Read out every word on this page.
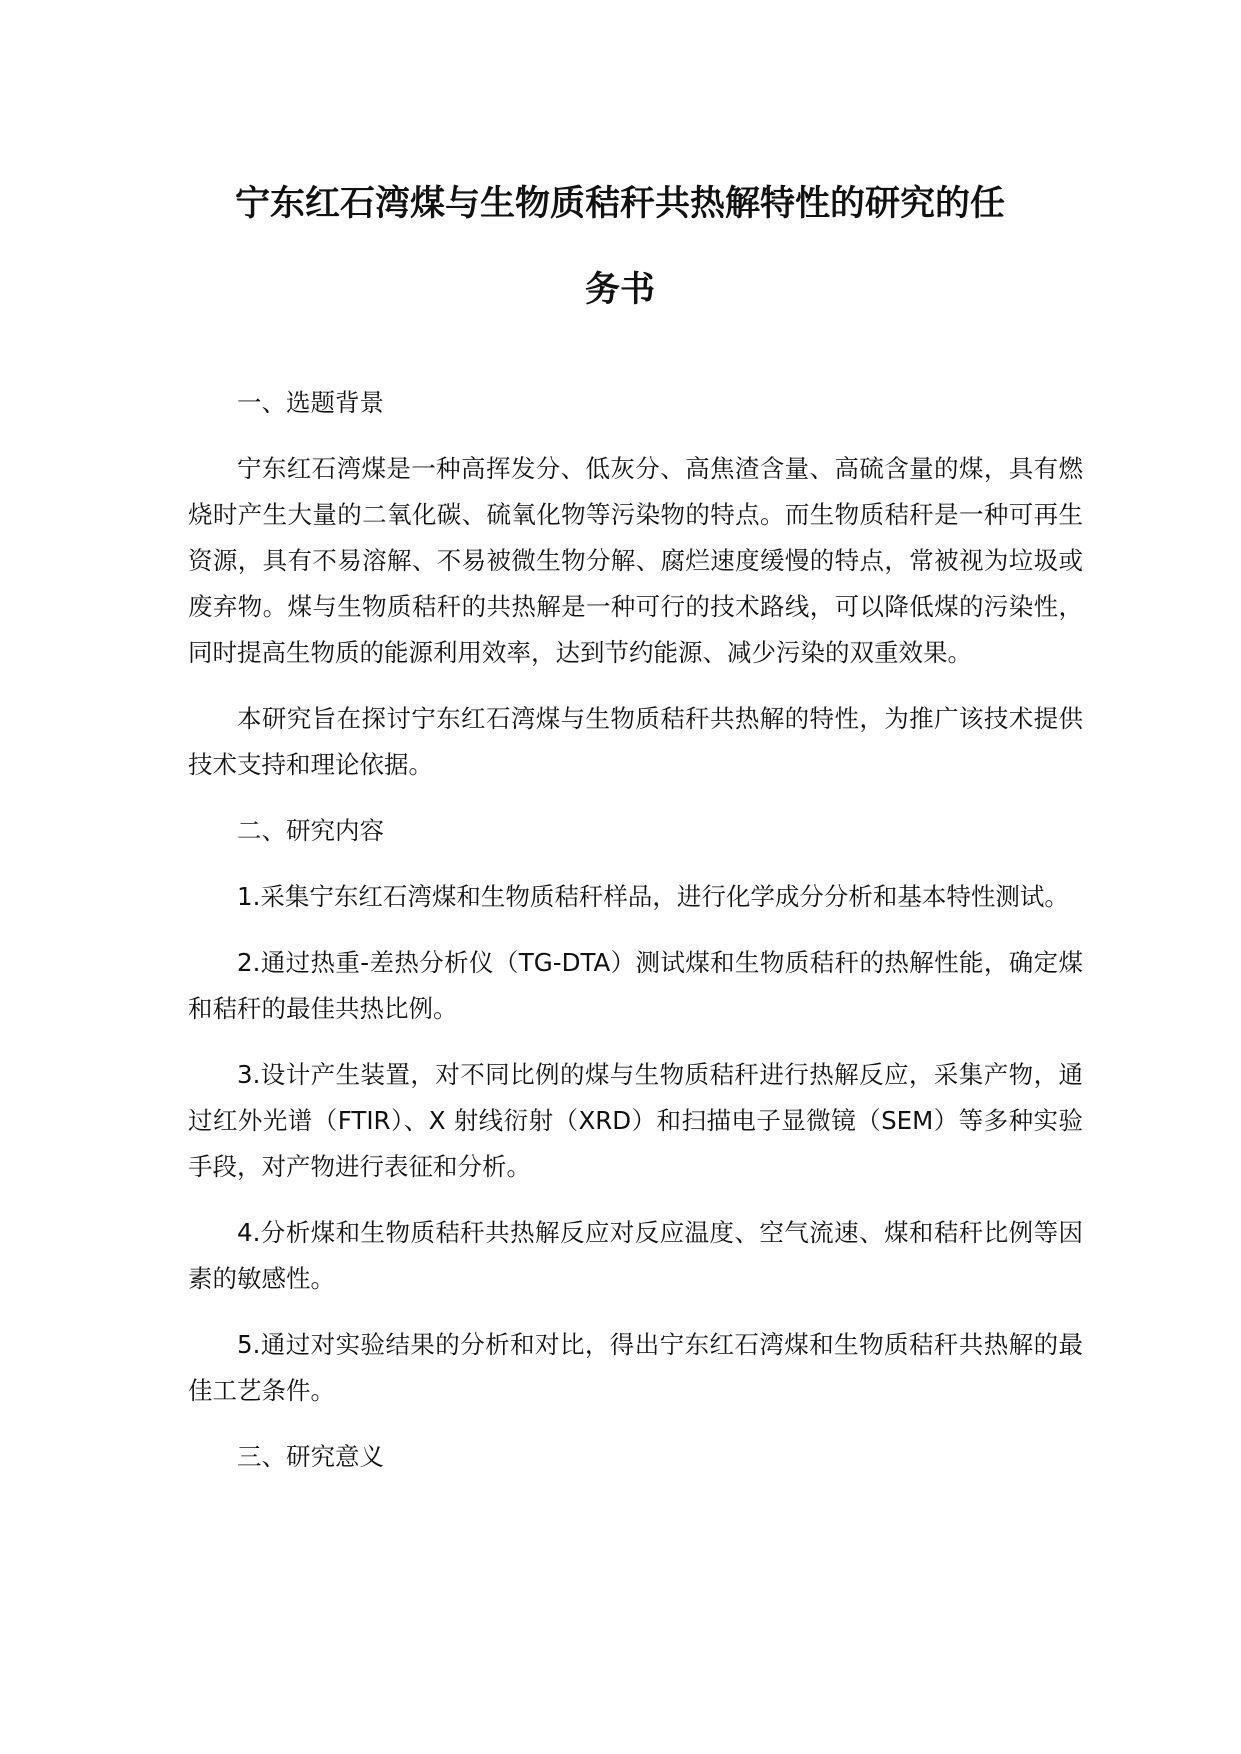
宁东红石湾煤与生物质秸秆共热解特性的研究的任
务书

一、选题背景

宁东红石湾煤是一种高挥发分、低灰分、高焦渣含量、高硫含量的煤，具有燃烧时产生大量的二氧化碳、硫氧化物等污染物的特点。而生物质秸秆是一种可再生资源，具有不易溶解、不易被微生物分解、腐烂速度缓慢的特点，常被视为垃圾或废弃物。煤与生物质秸秆的共热解是一种可行的技术路线，可以降低煤的污染性，同时提高生物质的能源利用效率，达到节约能源、减少污染的双重效果。

本研究旨在探讨宁东红石湾煤与生物质秸秆共热解的特性，为推广该技术提供技术支持和理论依据。

二、研究内容

1.采集宁东红石湾煤和生物质秸秆样品，进行化学成分分析和基本特性测试。

2.通过热重-差热分析仪（TG-DTA）测试煤和生物质秸秆的热解性能，确定煤和秸秆的最佳共热比例。

3.设计产生装置，对不同比例的煤与生物质秸秆进行热解反应，采集产物，通过红外光谱（FTIR）、X 射线衍射（XRD）和扫描电子显微镜（SEM）等多种实验手段，对产物进行表征和分析。

4.分析煤和生物质秸秆共热解反应对反应温度、空气流速、煤和秸秆比例等因素的敏感性。

5.通过对实验结果的分析和对比，得出宁东红石湾煤和生物质秸秆共热解的最佳工艺条件。

三、研究意义
